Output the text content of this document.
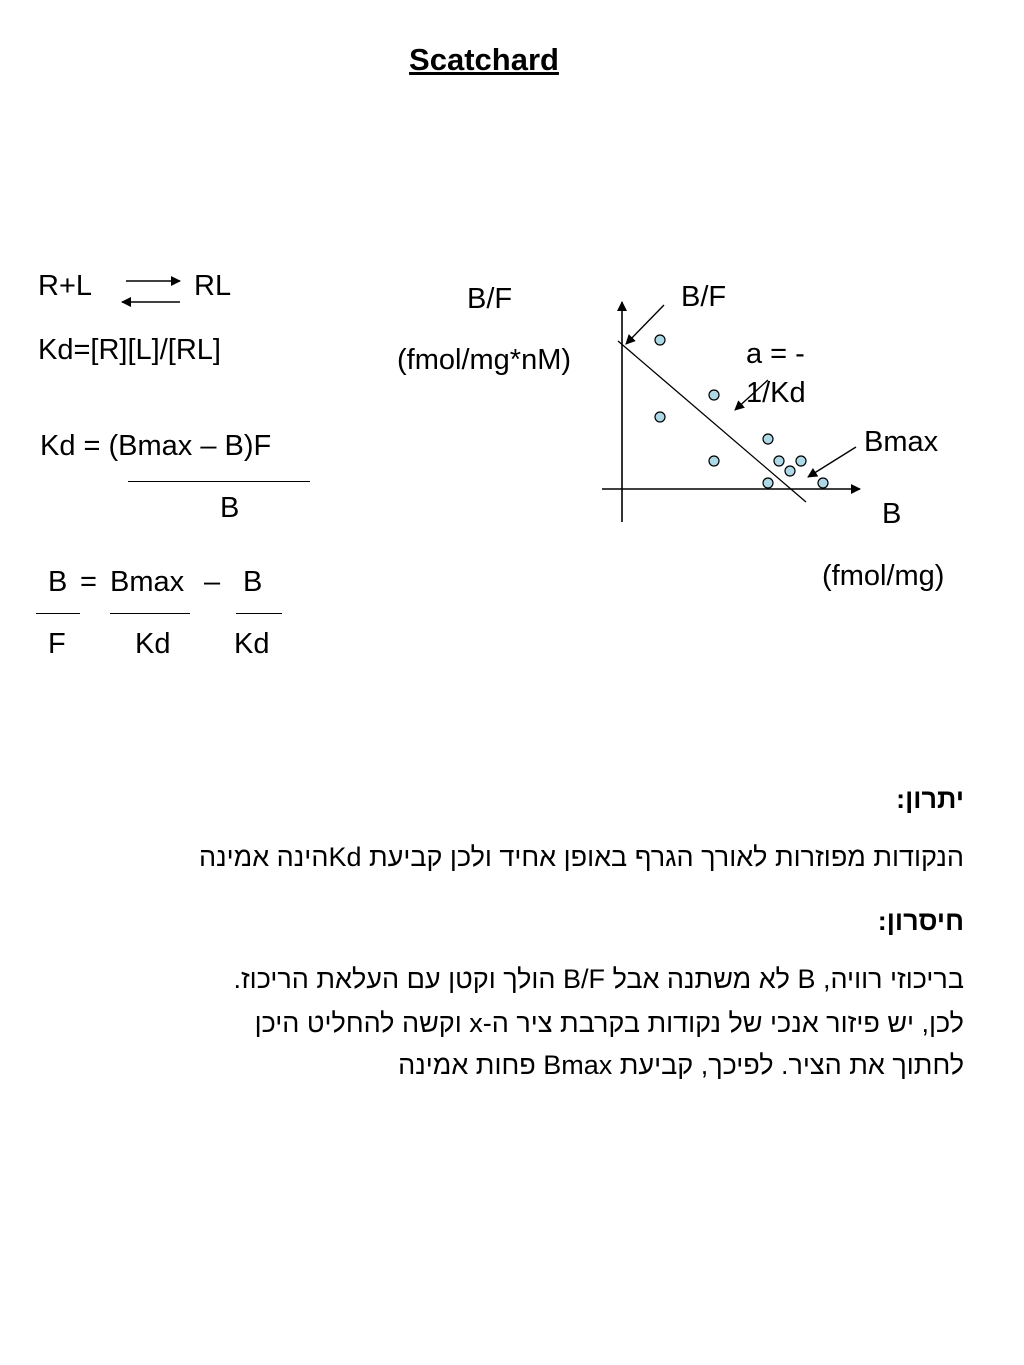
Scatchard
R+L	RL
Kd=[R][L]/[RL]
Kd = (Bmax – B)F
B
B = Bmax – B
F Kd Kd
B/F
(fmol/mg*nM)
B/F
a = -
1/Kd
Bmax
B
(fmol/mg)
יתרון:
הנקודות מפוזרות לאורך הגרף באופן אחיד ולכן קביעת Kdהינה אמינה
חיסרון:
בריכוזי רוויה, B לא משתנה אבל B/F הולך וקטן עם העלאת הריכוז.
לכן, יש פיזור אנכי של נקודות בקרבת ציר ה-x וקשה להחליט היכן
לחתוך את הציר. לפיכך, קביעת Bmax פחות אמינה
